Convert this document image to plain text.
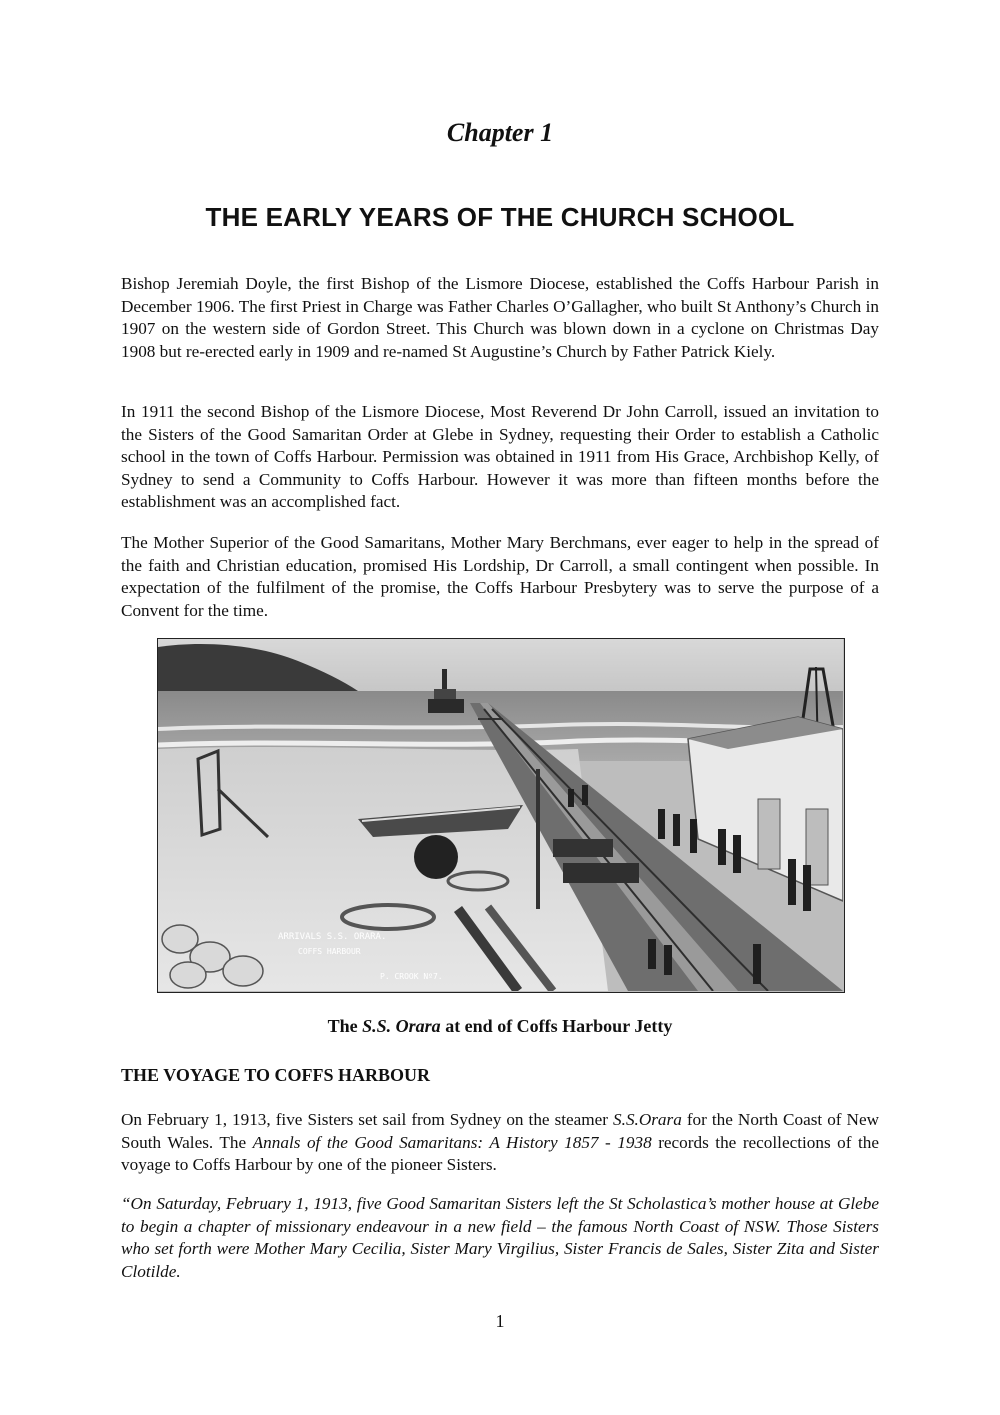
Chapter 1
THE EARLY YEARS OF THE CHURCH SCHOOL

Bishop Jeremiah Doyle, the first Bishop of the Lismore Diocese, established the Coffs Harbour Parish in December 1906. The first Priest in Charge was Father Charles O’Gallagher, who built St Anthony’s Church in 1907 on the western side of Gordon Street. This Church was blown down in a cyclone on Christmas Day 1908 but re-erected early in 1909 and re-named St Augustine’s Church by Father Patrick Kiely.

In 1911 the second Bishop of the Lismore Diocese, Most Reverend Dr John Carroll, issued an invitation to the Sisters of the Good Samaritan Order at Glebe in Sydney, requesting their Order to establish a Catholic school in the town of Coffs Harbour. Permission was obtained in 1911 from His Grace, Archbishop Kelly, of Sydney to send a Community to Coffs Harbour. However it was more than fifteen months before the establishment was an accomplished fact.

The Mother Superior of the Good Samaritans, Mother Mary Berchmans, ever eager to help in the spread of the faith and Christian education, promised His Lordship, Dr Carroll, a small contingent when possible. In expectation of the fulfilment of the promise, the Coffs Harbour Presbytery was to serve the purpose of a Convent for the time.

ARRIVALS S.S. ORARA.
COFFS HARBOUR
P. CROOK Nº7.

The S.S. Orara at end of Coffs Harbour Jetty

THE VOYAGE TO COFFS HARBOUR

On February 1, 1913, five Sisters set sail from Sydney on the steamer S.S.Orara for the North Coast of New South Wales. The Annals of the Good Samaritans: A History 1857 - 1938 records the recollections of the voyage to Coffs Harbour by one of the pioneer Sisters.

“On Saturday, February 1, 1913, five Good Samaritan Sisters left the St Scholastica’s mother house at Glebe to begin a chapter of missionary endeavour in a new field – the famous North Coast of NSW. Those Sisters who set forth were Mother Mary Cecilia, Sister Mary Virgilius, Sister Francis de Sales, Sister Zita and Sister Clotilde.

1
